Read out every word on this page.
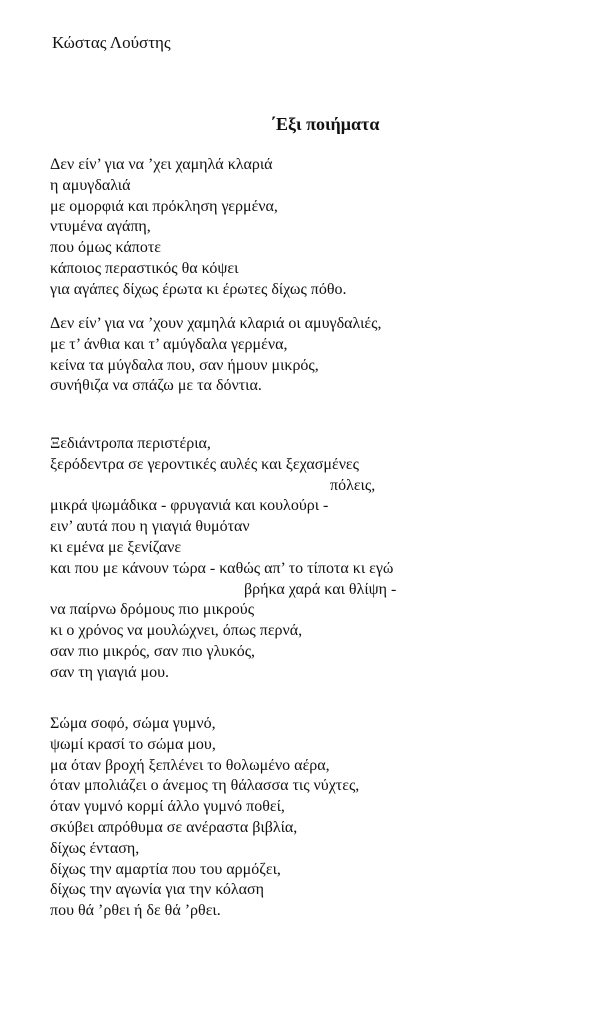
Κώστας Λούστης
΄Εξι ποιήματα
Δεν είν’ για να ’χει χαμηλά κλαριά
η αμυγδαλιά
με ομορφιά και πρόκληση γερμένα,
ντυμένα αγάπη,
που όμως κάποτε
κάποιος περαστικός θα κόψει
για αγάπες δίχως έρωτα κι έρωτες δίχως πόθο.
Δεν είν’ για να ’χουν χαμηλά κλαριά οι αμυγδαλιές,
με τ’ άνθια και τ’ αμύγδαλα γερμένα,
κείνα τα μύγδαλα που, σαν ήμουν μικρός,
συνήθιζα να σπάζω με τα δόντια.
Ξεδιάντροπα περιστέρια,
ξερόδεντρα σε γεροντικές αυλές και ξεχασμένες
πόλεις,
μικρά ψωμάδικα - φρυγανιά και κουλούρι -
ειν’ αυτά που η γιαγιά θυμόταν
κι εμένα με ξενίζανε
και που με κάνουν τώρα - καθώς απ’ το τίποτα κι εγώ
βρήκα χαρά και θλίψη -
να παίρνω δρόμους πιο μικρούς
κι ο χρόνος να μουλώχνει, όπως περνά,
σαν πιο μικρός, σαν πιο γλυκός,
σαν τη γιαγιά μου.
Σώμα σοφό, σώμα γυμνό,
ψωμί κρασί το σώμα μου,
μα όταν βροχή ξεπλένει το θολωμένο αέρα,
όταν μπολιάζει ο άνεμος τη θάλασσα τις νύχτες,
όταν γυμνό κορμί άλλο γυμνό ποθεί,
σκύβει απρόθυμα σε ανέραστα βιβλία,
δίχως ένταση,
δίχως την αμαρτία που του αρμόζει,
δίχως την αγωνία για την κόλαση
που θά ’ρθει ή δε θά ’ρθει.
